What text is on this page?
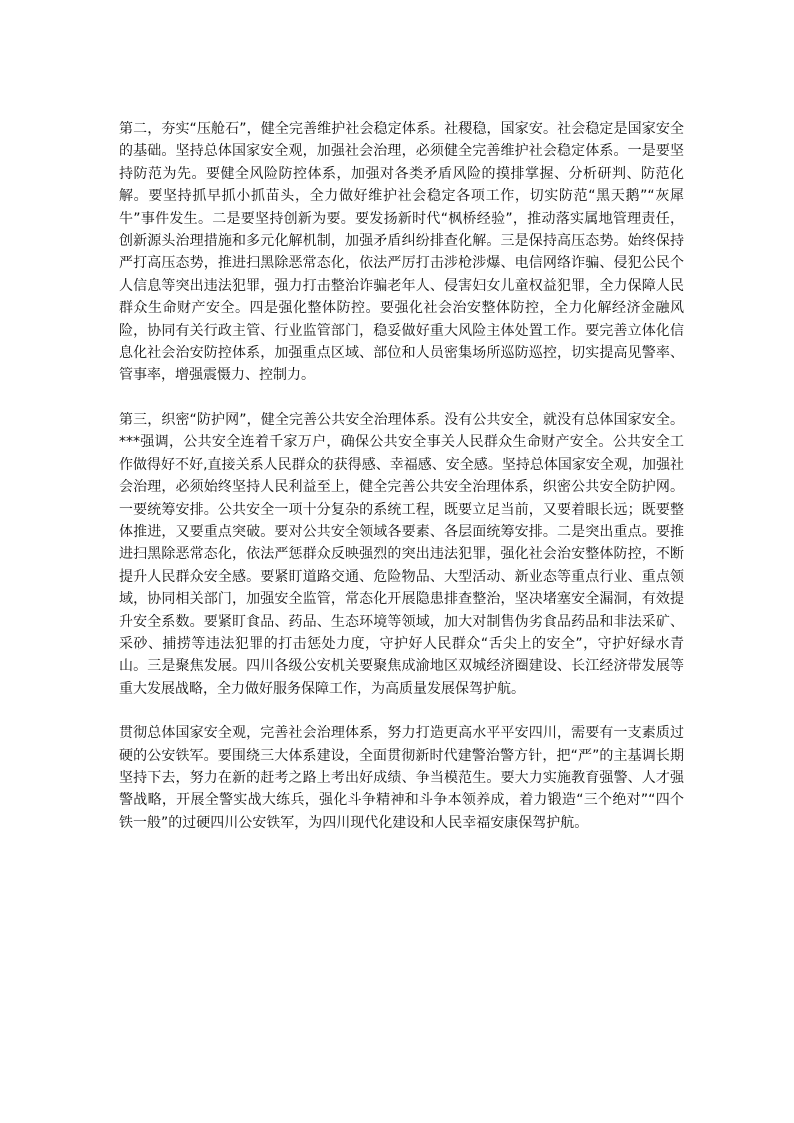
第二，夯实“压舱石”，健全完善维护社会稳定体系。社稷稳，国家安。社会稳定是国家安全的基础。坚持总体国家安全观，加强社会治理，必须健全完善维护社会稳定体系。一是要坚持防范为先。要健全风险防控体系，加强对各类矛盾风险的摸排掌握、分析研判、防范化解。要坚持抓早抓小抓苗头，全力做好维护社会稳定各项工作，切实防范“黑天鹅”“灰犀牛”事件发生。二是要坚持创新为要。要发扬新时代“枫桥经验”，推动落实属地管理责任，创新源头治理措施和多元化解机制，加强矛盾纠纷排查化解。三是保持高压态势。始终保持严打高压态势，推进扫黑除恶常态化，依法严厉打击涉枪涉爆、电信网络诈骗、侵犯公民个人信息等突出违法犯罪，强力打击整治诈骗老年人、侵害妇女儿童权益犯罪，全力保障人民群众生命财产安全。四是强化整体防控。要强化社会治安整体防控，全力化解经济金融风险，协同有关行政主管、行业监管部门，稳妥做好重大风险主体处置工作。要完善立体化信息化社会治安防控体系，加强重点区域、部位和人员密集场所巡防巡控，切实提高见警率、管事率，增强震慑力、控制力。

第三，织密“防护网”，健全完善公共安全治理体系。没有公共安全，就没有总体国家安全。***强调，公共安全连着千家万户，确保公共安全事关人民群众生命财产安全。公共安全工作做得好不好,直接关系人民群众的获得感、幸福感、安全感。坚持总体国家安全观，加强社会治理，必须始终坚持人民利益至上，健全完善公共安全治理体系，织密公共安全防护网。一要统筹安排。公共安全一项十分复杂的系统工程，既要立足当前，又要着眼长远；既要整体推进，又要重点突破。要对公共安全领域各要素、各层面统筹安排。二是突出重点。要推进扫黑除恶常态化，依法严惩群众反映强烈的突出违法犯罪，强化社会治安整体防控，不断提升人民群众安全感。要紧盯道路交通、危险物品、大型活动、新业态等重点行业、重点领域，协同相关部门，加强安全监管，常态化开展隐患排查整治，坚决堵塞安全漏洞，有效提升安全系数。要紧盯食品、药品、生态环境等领域，加大对制售伪劣食品药品和非法采矿、采砂、捕捞等违法犯罪的打击惩处力度，守护好人民群众“舌尖上的安全”，守护好绿水青山。三是聚焦发展。四川各级公安机关要聚焦成渝地区双城经济圈建设、长江经济带发展等重大发展战略，全力做好服务保障工作，为高质量发展保驾护航。

贯彻总体国家安全观，完善社会治理体系，努力打造更高水平平安四川，需要有一支素质过硬的公安铁军。要围绕三大体系建设，全面贯彻新时代建警治警方针，把“严”的主基调长期坚持下去，努力在新的赶考之路上考出好成绩、争当模范生。要大力实施教育强警、人才强警战略，开展全警实战大练兵，强化斗争精神和斗争本领养成，着力锻造“三个绝对”“四个铁一般”的过硬四川公安铁军，为四川现代化建设和人民幸福安康保驾护航。
